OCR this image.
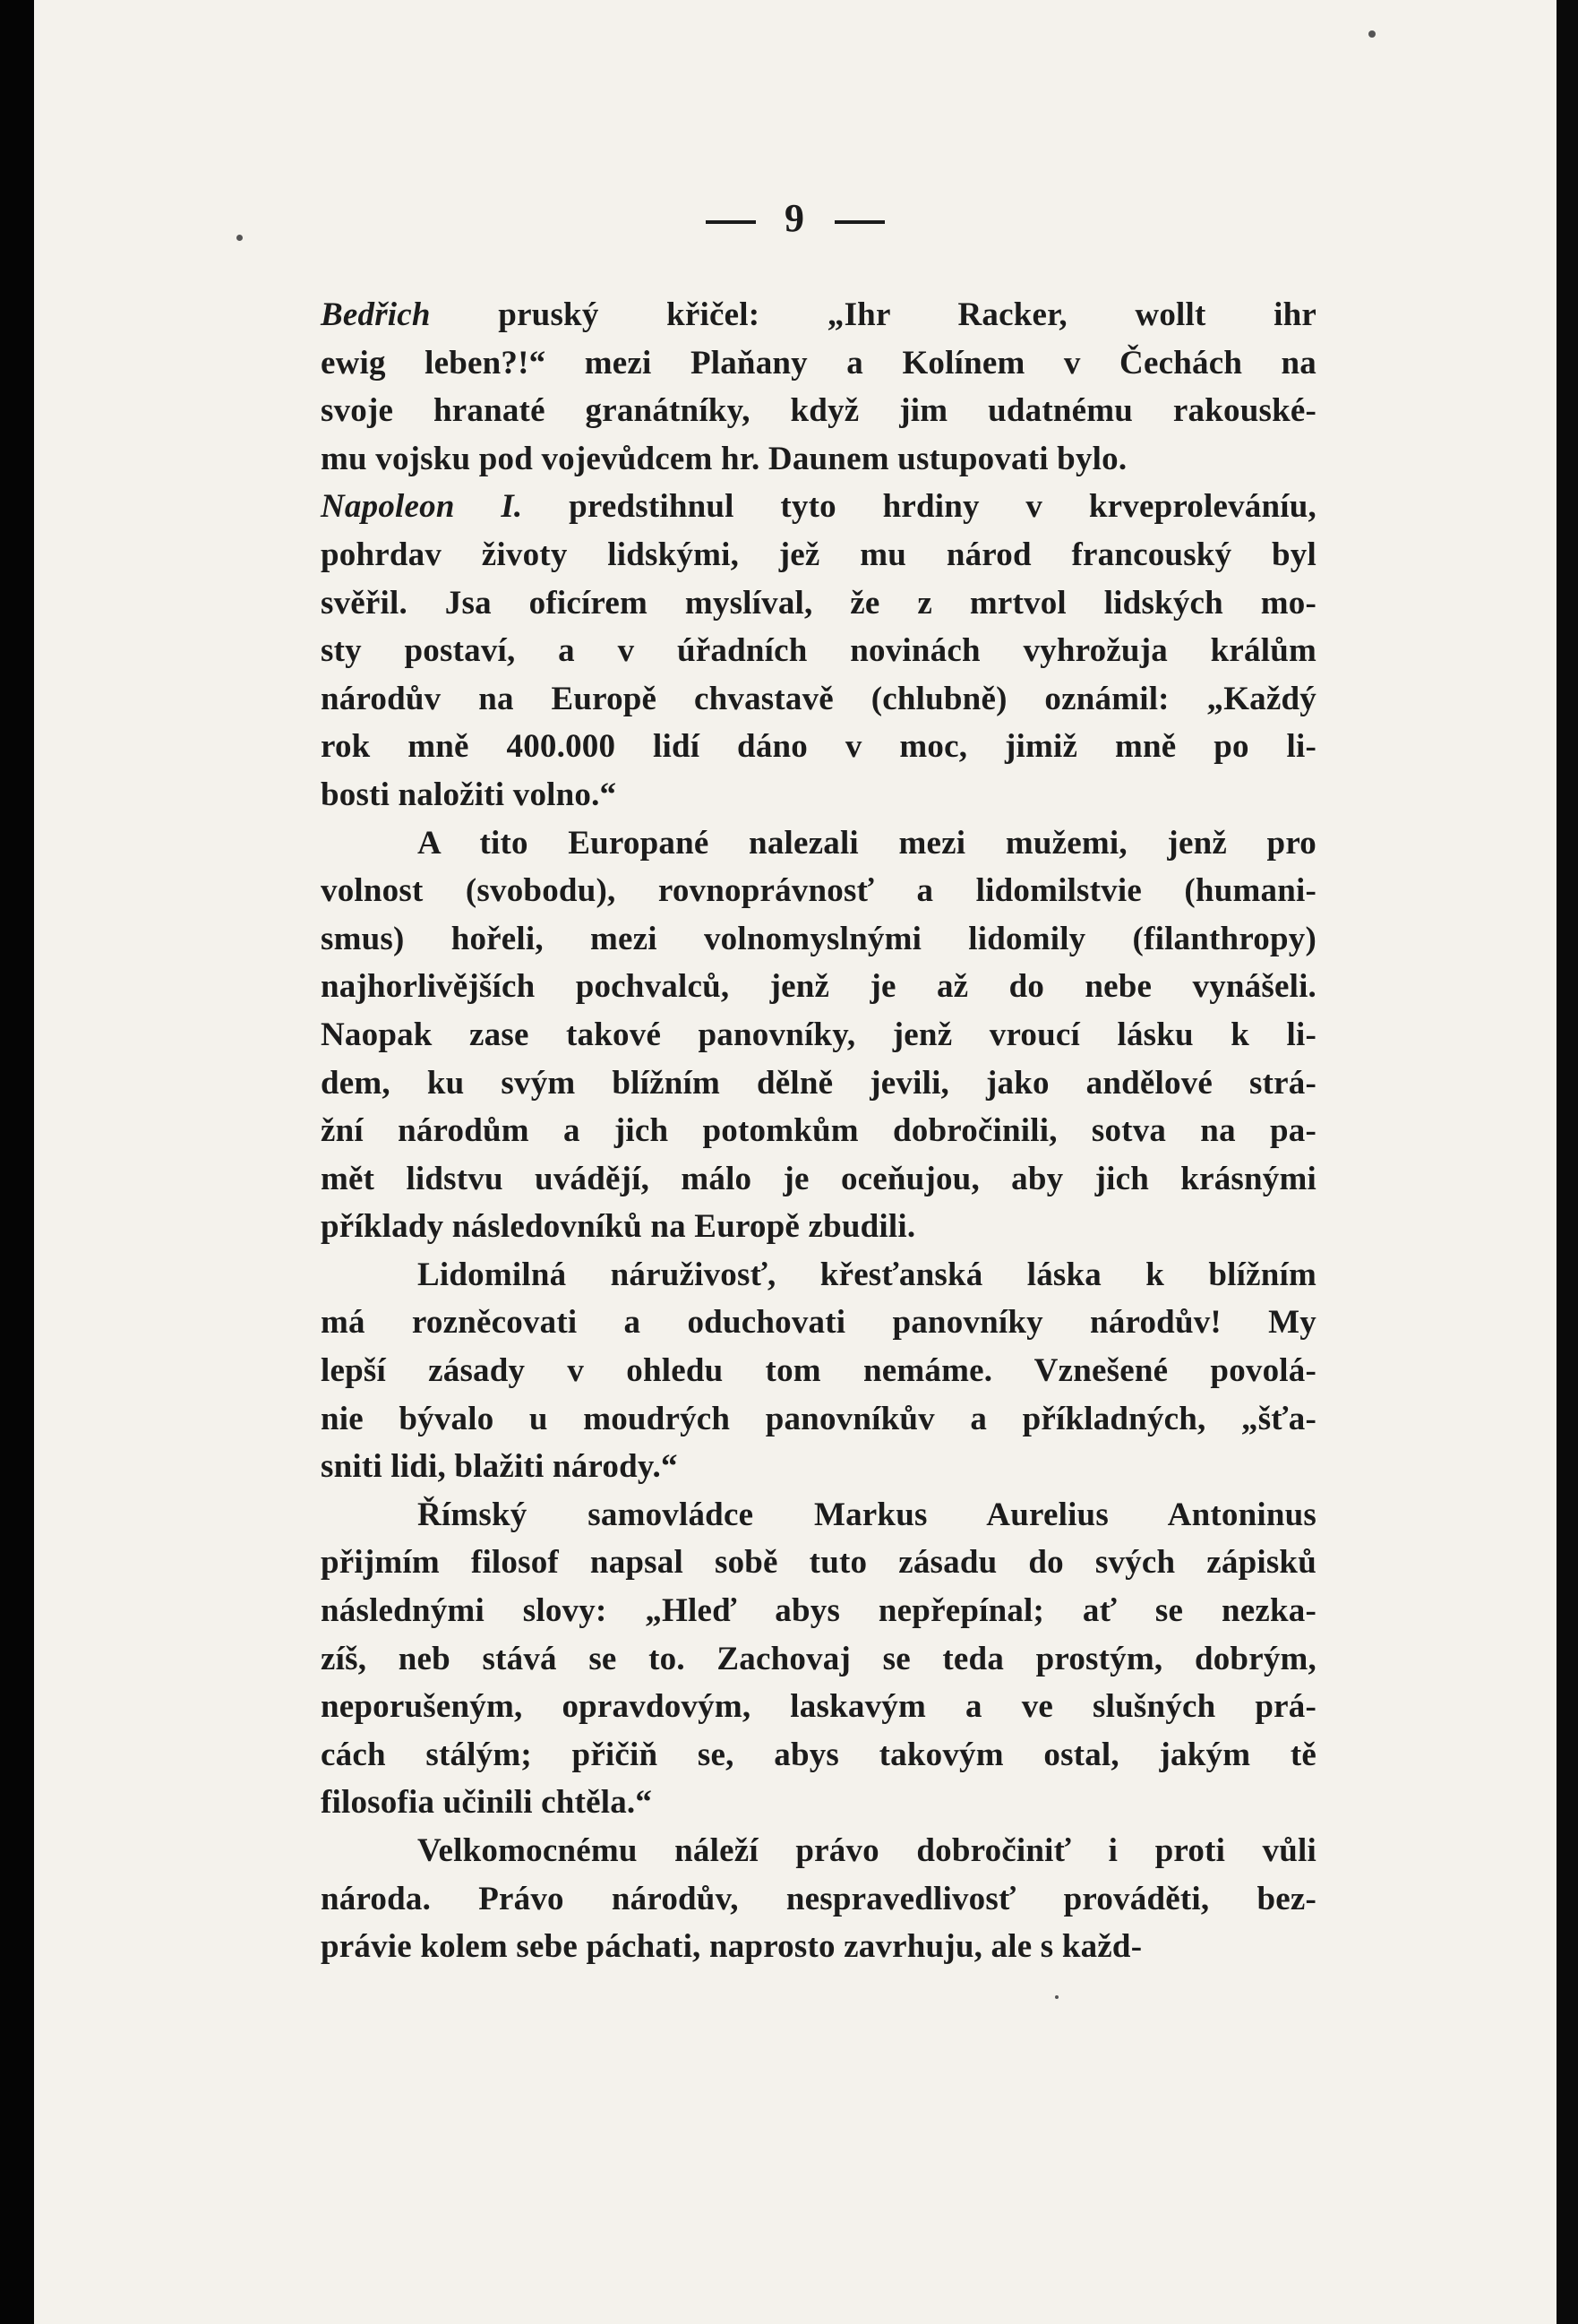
9
Bedřich pruský křičel: „Ihr Racker, wollt ihr
ewig leben?!“ mezi Plaňany a Kolínem v Čechách na
svoje hranaté granátníky, když jim udatnému rakouské-
mu vojsku pod vojevůdcem hr. Daunem ustupovati bylo.
Napoleon I. predstihnul tyto hrdiny v krveproleváníu,
pohrdav životy lidskými, jež mu národ francouský byl
svěřil. Jsa oficírem myslíval, že z mrtvol lidských mo-
sty postaví, a v úřadních novinách vyhrožuja králům
národův na Europě chvastavě (chlubně) oznámil: „Každý
rok mně 400.000 lidí dáno v moc, jimiž mně po li-
bosti naložiti volno.“
A tito Europané nalezali mezi mužemi, jenž pro
volnost (svobodu), rovnoprávnosť a lidomilstvie (humani-
smus) hořeli, mezi volnomyslnými lidomily (filanthropy)
najhorlivějších pochvalců, jenž je až do nebe vynášeli.
Naopak zase takové panovníky, jenž vroucí lásku k li-
dem, ku svým blížním dělně jevili, jako andělové strá-
žní národům a jich potomkům dobročinili, sotva na pa-
mět lidstvu uvádějí, málo je oceňujou, aby jich krásnými
příklady následovníků na Europě zbudili.
Lidomilná náruživosť, křesťanská láska k blížním
má rozněcovati a oduchovati panovníky národův! My
lepší zásady v ohledu tom nemáme. Vznešené povolá-
nie bývalo u moudrých panovníkův a příkladných, „šťa-
sniti lidi, blažiti národy.“
Římský samovládce Markus Aurelius Antoninus
přijmím filosof napsal sobě tuto zásadu do svých zápisků
následnými slovy: „Hleď abys nepřepínal; ať se nezka-
zíš, neb stává se to. Zachovaj se teda prostým, dobrým,
neporušeným, opravdovým, laskavým a ve slušných prá-
cách stálým; přičiň se, abys takovým ostal, jakým tě
filosofia učinili chtěla.“
Velkomocnému náleží právo dobročiniť i proti vůli
národa. Právo národův, nespravedlivosť prováděti, bez-
právie kolem sebe páchati, naprosto zavrhuju, ale s každ-
